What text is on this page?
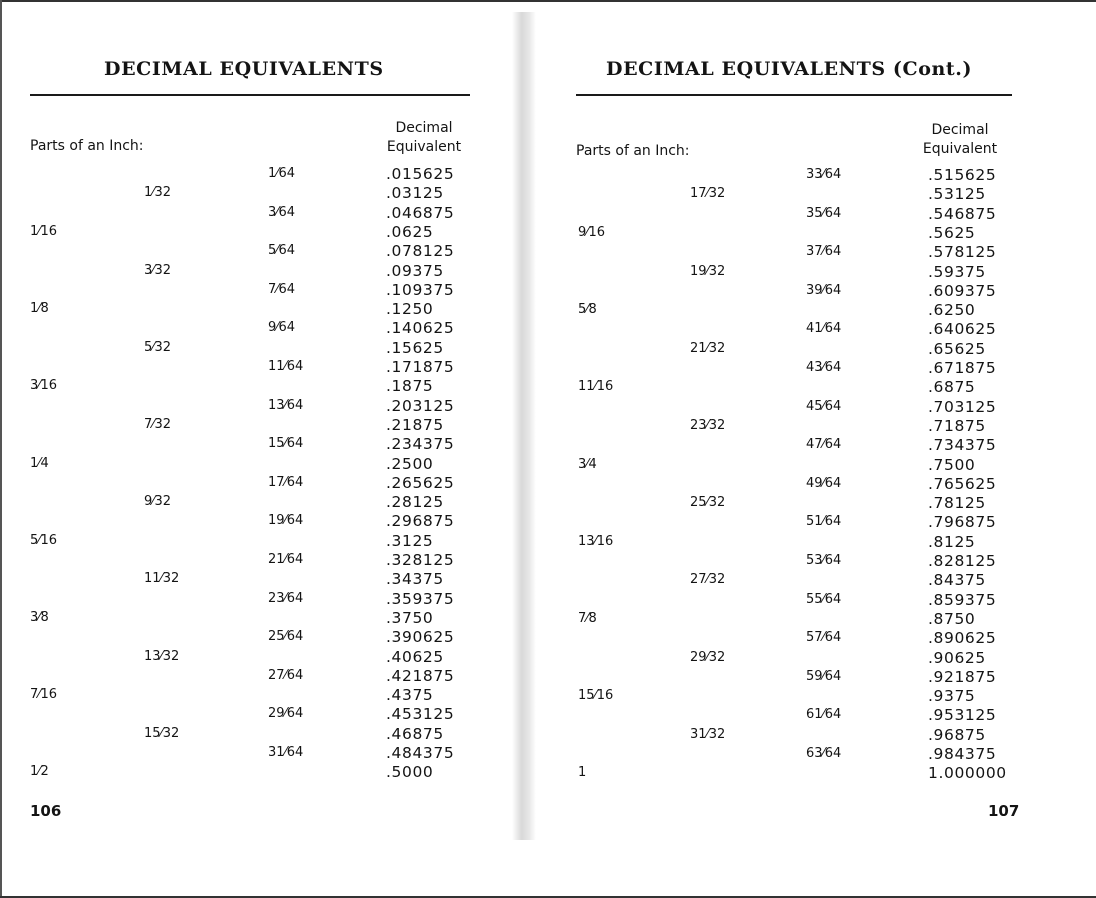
DECIMAL EQUIVALENTS
Parts of an Inch:
Decimal
Equivalent
1⁄64	.015625
1⁄32	.03125
3⁄64	.046875
1⁄16	.0625
5⁄64	.078125
3⁄32	.09375
7⁄64	.109375
1⁄8	.1250
9⁄64	.140625
5⁄32	.15625
11⁄64	.171875
3⁄16	.1875
13⁄64	.203125
7⁄32	.21875
15⁄64	.234375
1⁄4	.2500
17⁄64	.265625
9⁄32	.28125
19⁄64	.296875
5⁄16	.3125
21⁄64	.328125
11⁄32	.34375
23⁄64	.359375
3⁄8	.3750
25⁄64	.390625
13⁄32	.40625
27⁄64	.421875
7⁄16	.4375
29⁄64	.453125
15⁄32	.46875
31⁄64	.484375
1⁄2	.5000
106
DECIMAL EQUIVALENTS (Cont.)
Parts of an Inch:
Decimal
Equivalent
33⁄64	.515625
17⁄32	.53125
35⁄64	.546875
9⁄16	.5625
37⁄64	.578125
19⁄32	.59375
39⁄64	.609375
5⁄8	.6250
41⁄64	.640625
21⁄32	.65625
43⁄64	.671875
11⁄16	.6875
45⁄64	.703125
23⁄32	.71875
47⁄64	.734375
3⁄4	.7500
49⁄64	.765625
25⁄32	.78125
51⁄64	.796875
13⁄16	.8125
53⁄64	.828125
27⁄32	.84375
55⁄64	.859375
7⁄8	.8750
57⁄64	.890625
29⁄32	.90625
59⁄64	.921875
15⁄16	.9375
61⁄64	.953125
31⁄32	.96875
63⁄64	.984375
1	1.000000
107
